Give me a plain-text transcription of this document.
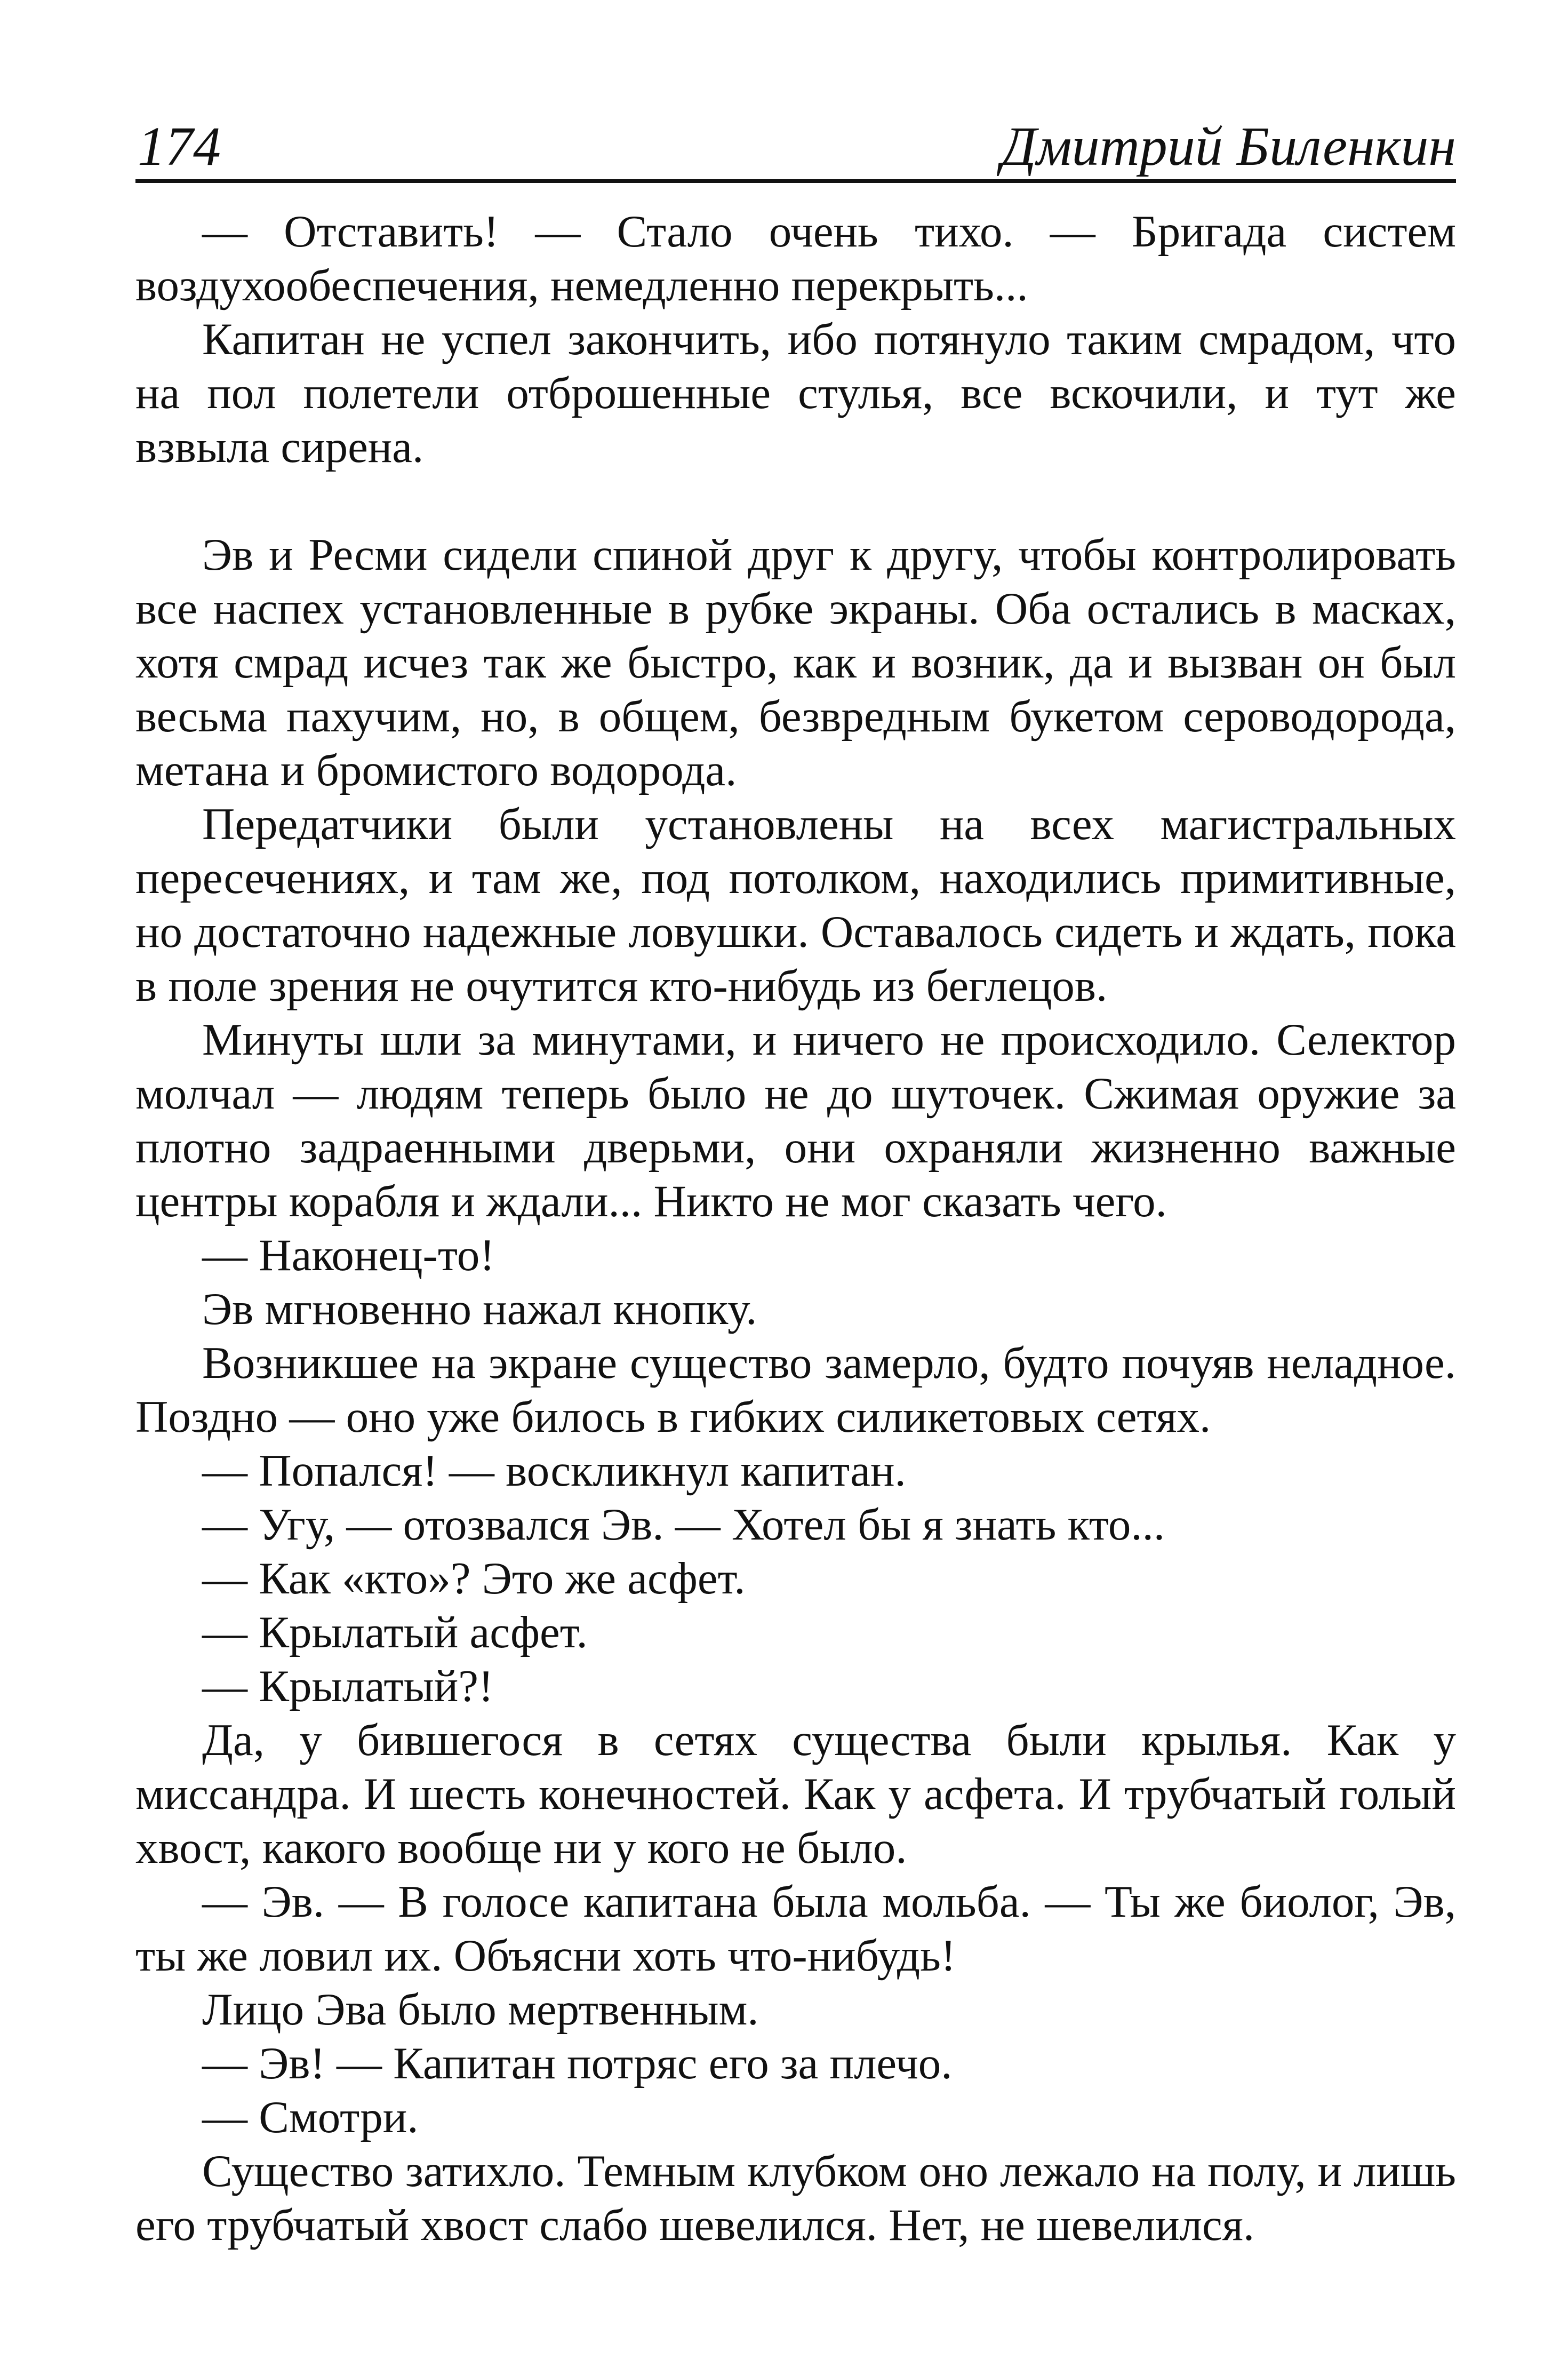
174	Дмитрий Биленкин

— Отставить! — Стало очень тихо. — Бригада систем воздухообеспечения, немедленно перекрыть...

Капитан не успел закончить, ибо потянуло таким смрадом, что на пол полетели отброшенные стулья, все вскочили, и тут же взвыла сирена.

Эв и Ресми сидели спиной друг к другу, чтобы контролировать все наспех установленные в рубке экраны. Оба остались в масках, хотя смрад исчез так же быстро, как и возник, да и вызван он был весьма пахучим, но, в общем, безвредным букетом сероводорода, метана и бромистого водорода.

Передатчики были установлены на всех магистральных пересечениях, и там же, под потолком, находились примитивные, но достаточно надежные ловушки. Оставалось сидеть и ждать, пока в поле зрения не очутится кто-нибудь из беглецов.

Минуты шли за минутами, и ничего не происходило. Селектор молчал — людям теперь было не до шуточек. Сжимая оружие за плотно задраенными дверьми, они охраняли жизненно важные центры корабля и ждали... Никто не мог сказать чего.

— Наконец-то!

Эв мгновенно нажал кнопку.

Возникшее на экране существо замерло, будто почуяв неладное. Поздно — оно уже билось в гибких силикетовых сетях.

— Попался! — воскликнул капитан.

— Угу, — отозвался Эв. — Хотел бы я знать кто...

— Как «кто»? Это же асфет.

— Крылатый асфет.

— Крылатый?!

Да, у бившегося в сетях существа были крылья. Как у миссандра. И шесть конечностей. Как у асфета. И трубчатый голый хвост, какого вообще ни у кого не было.

— Эв. — В голосе капитана была мольба. — Ты же биолог, Эв, ты же ловил их. Объясни хоть что-нибудь!

Лицо Эва было мертвенным.

— Эв! — Капитан потряс его за плечо.

— Смотри.

Существо затихло. Темным клубком оно лежало на полу, и лишь его трубчатый хвост слабо шевелился. Нет, не шевелился.
